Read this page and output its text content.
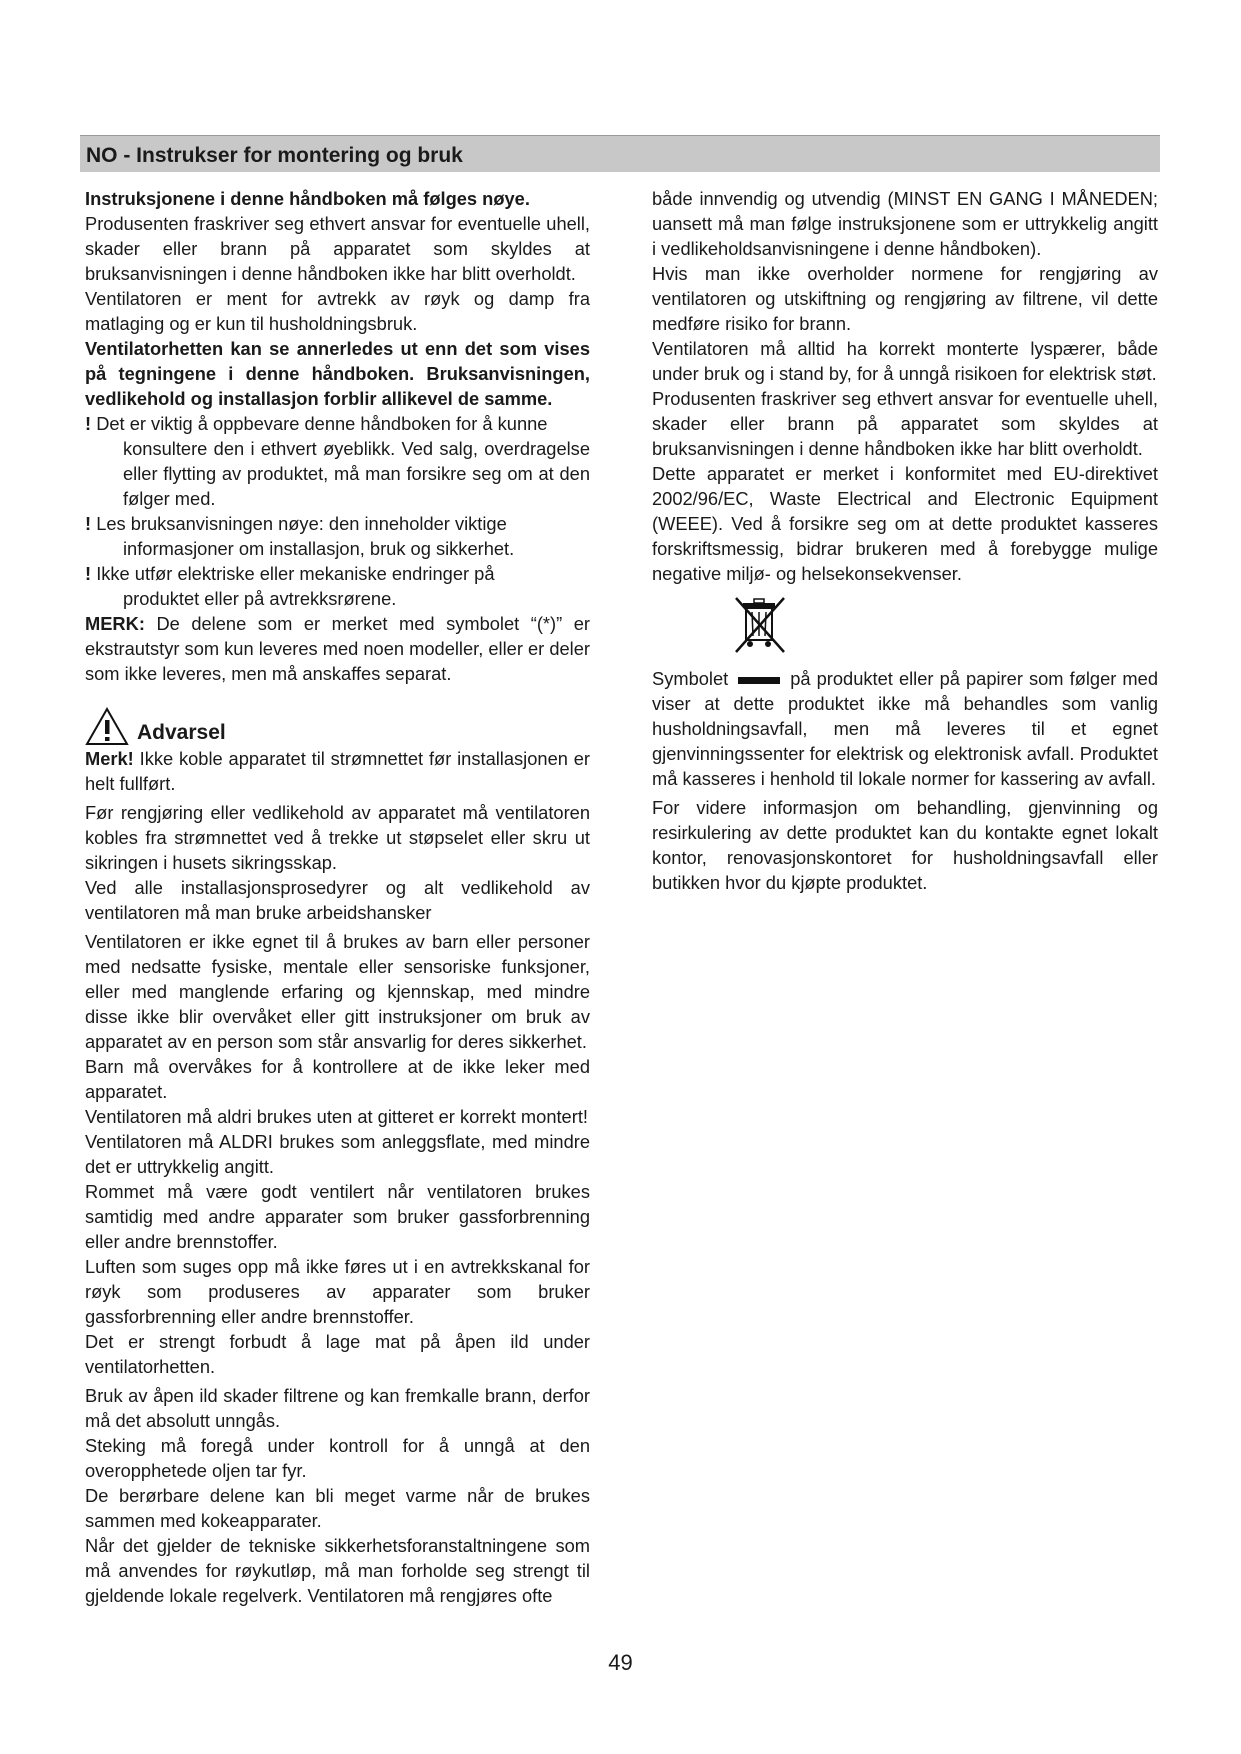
NO - Instrukser for montering og bruk

Instruksjonene i denne håndboken må følges nøye.

Produsenten fraskriver seg ethvert ansvar for eventuelle uhell, skader eller brann på apparatet som skyldes at bruksanvisningen i denne håndboken ikke har blitt overholdt.

Ventilatoren er ment for avtrekk av røyk og damp fra matlaging og er kun til husholdningsbruk.

Ventilatorhetten kan se annerledes ut enn det som vises på tegningene i denne håndboken. Bruksanvisningen, vedlikehold og installasjon forblir allikevel de samme.

! Det er viktig å oppbevare denne håndboken for å kunne
konsultere den i ethvert øyeblikk. Ved salg, overdragelse eller flytting av produktet, må man forsikre seg om at den følger med.
! Les bruksanvisningen nøye: den inneholder viktige
informasjoner om installasjon, bruk og sikkerhet.
! Ikke utfør elektriske eller mekaniske endringer på
produktet eller på avtrekksrørene.

MERK: De delene som er merket med symbolet “(*)” er ekstrautstyr som kun leveres med noen modeller, eller er deler som ikke leveres, men må anskaffes separat.

Advarsel

Merk! Ikke koble apparatet til strømnettet før installasjonen er helt fullført.

Før rengjøring eller vedlikehold av apparatet må ventilatoren kobles fra strømnettet ved å trekke ut støpselet eller skru ut sikringen i husets sikringsskap.

Ved alle installasjonsprosedyrer og alt vedlikehold av ventilatoren må man bruke arbeidshansker

Ventilatoren er ikke egnet til å brukes av barn eller personer med nedsatte fysiske, mentale eller sensoriske funksjoner, eller med manglende erfaring og kjennskap, med mindre disse ikke blir overvåket eller gitt instruksjoner om bruk av apparatet av en person som står ansvarlig for deres sikkerhet.

Barn må overvåkes for å kontrollere at de ikke leker med apparatet.

Ventilatoren må aldri brukes uten at gitteret er korrekt montert!

Ventilatoren må ALDRI brukes som anleggsflate, med mindre det er uttrykkelig angitt.

Rommet må være godt ventilert når ventilatoren brukes samtidig med andre apparater som bruker gassforbrenning eller andre brennstoffer.

Luften som suges opp må ikke føres ut i en avtrekkskanal for røyk som produseres av apparater som bruker gassforbrenning eller andre brennstoffer.

Det er strengt forbudt å lage mat på åpen ild under ventilatorhetten.

Bruk av åpen ild skader filtrene og kan fremkalle brann, derfor må det absolutt unngås.

Steking må foregå under kontroll for å unngå at den overopphetede oljen tar fyr.

De berørbare delene kan bli meget varme når de brukes sammen med kokeapparater.

Når det gjelder de tekniske sikkerhetsforanstaltningene som må anvendes for røykutløp, må man forholde seg strengt til gjeldende lokale regelverk. Ventilatoren må rengjøres ofte

både innvendig og utvendig (MINST EN GANG I MÅNEDEN; uansett må man følge instruksjonene som er uttrykkelig angitt i vedlikeholdsanvisningene i denne håndboken).

Hvis man ikke overholder normene for rengjøring av ventilatoren og utskiftning og rengjøring av filtrene, vil dette medføre risiko for brann.

Ventilatoren må alltid ha korrekt monterte lyspærer, både under bruk og i stand by, for å unngå risikoen for elektrisk støt.

Produsenten fraskriver seg ethvert ansvar for eventuelle uhell, skader eller brann på apparatet som skyldes at bruksanvisningen i denne håndboken ikke har blitt overholdt.

Dette apparatet er merket i konformitet med EU-direktivet 2002/96/EC, Waste Electrical and Electronic Equipment (WEEE). Ved å forsikre seg om at dette produktet kasseres forskriftsmessig, bidrar brukeren med å forebygge mulige negative miljø- og helsekonsekvenser.

Symbolet	på produktet eller på papirer som følger med viser at dette produktet ikke må behandles som vanlig husholdningsavfall, men må leveres til et egnet gjenvinningssenter for elektrisk og elektronisk avfall. Produktet må kasseres i henhold til lokale normer for kassering av avfall.

For videre informasjon om behandling, gjenvinning og resirkulering av dette produktet kan du kontakte egnet lokalt kontor, renovasjonskontoret for husholdningsavfall eller butikken hvor du kjøpte produktet.

49
